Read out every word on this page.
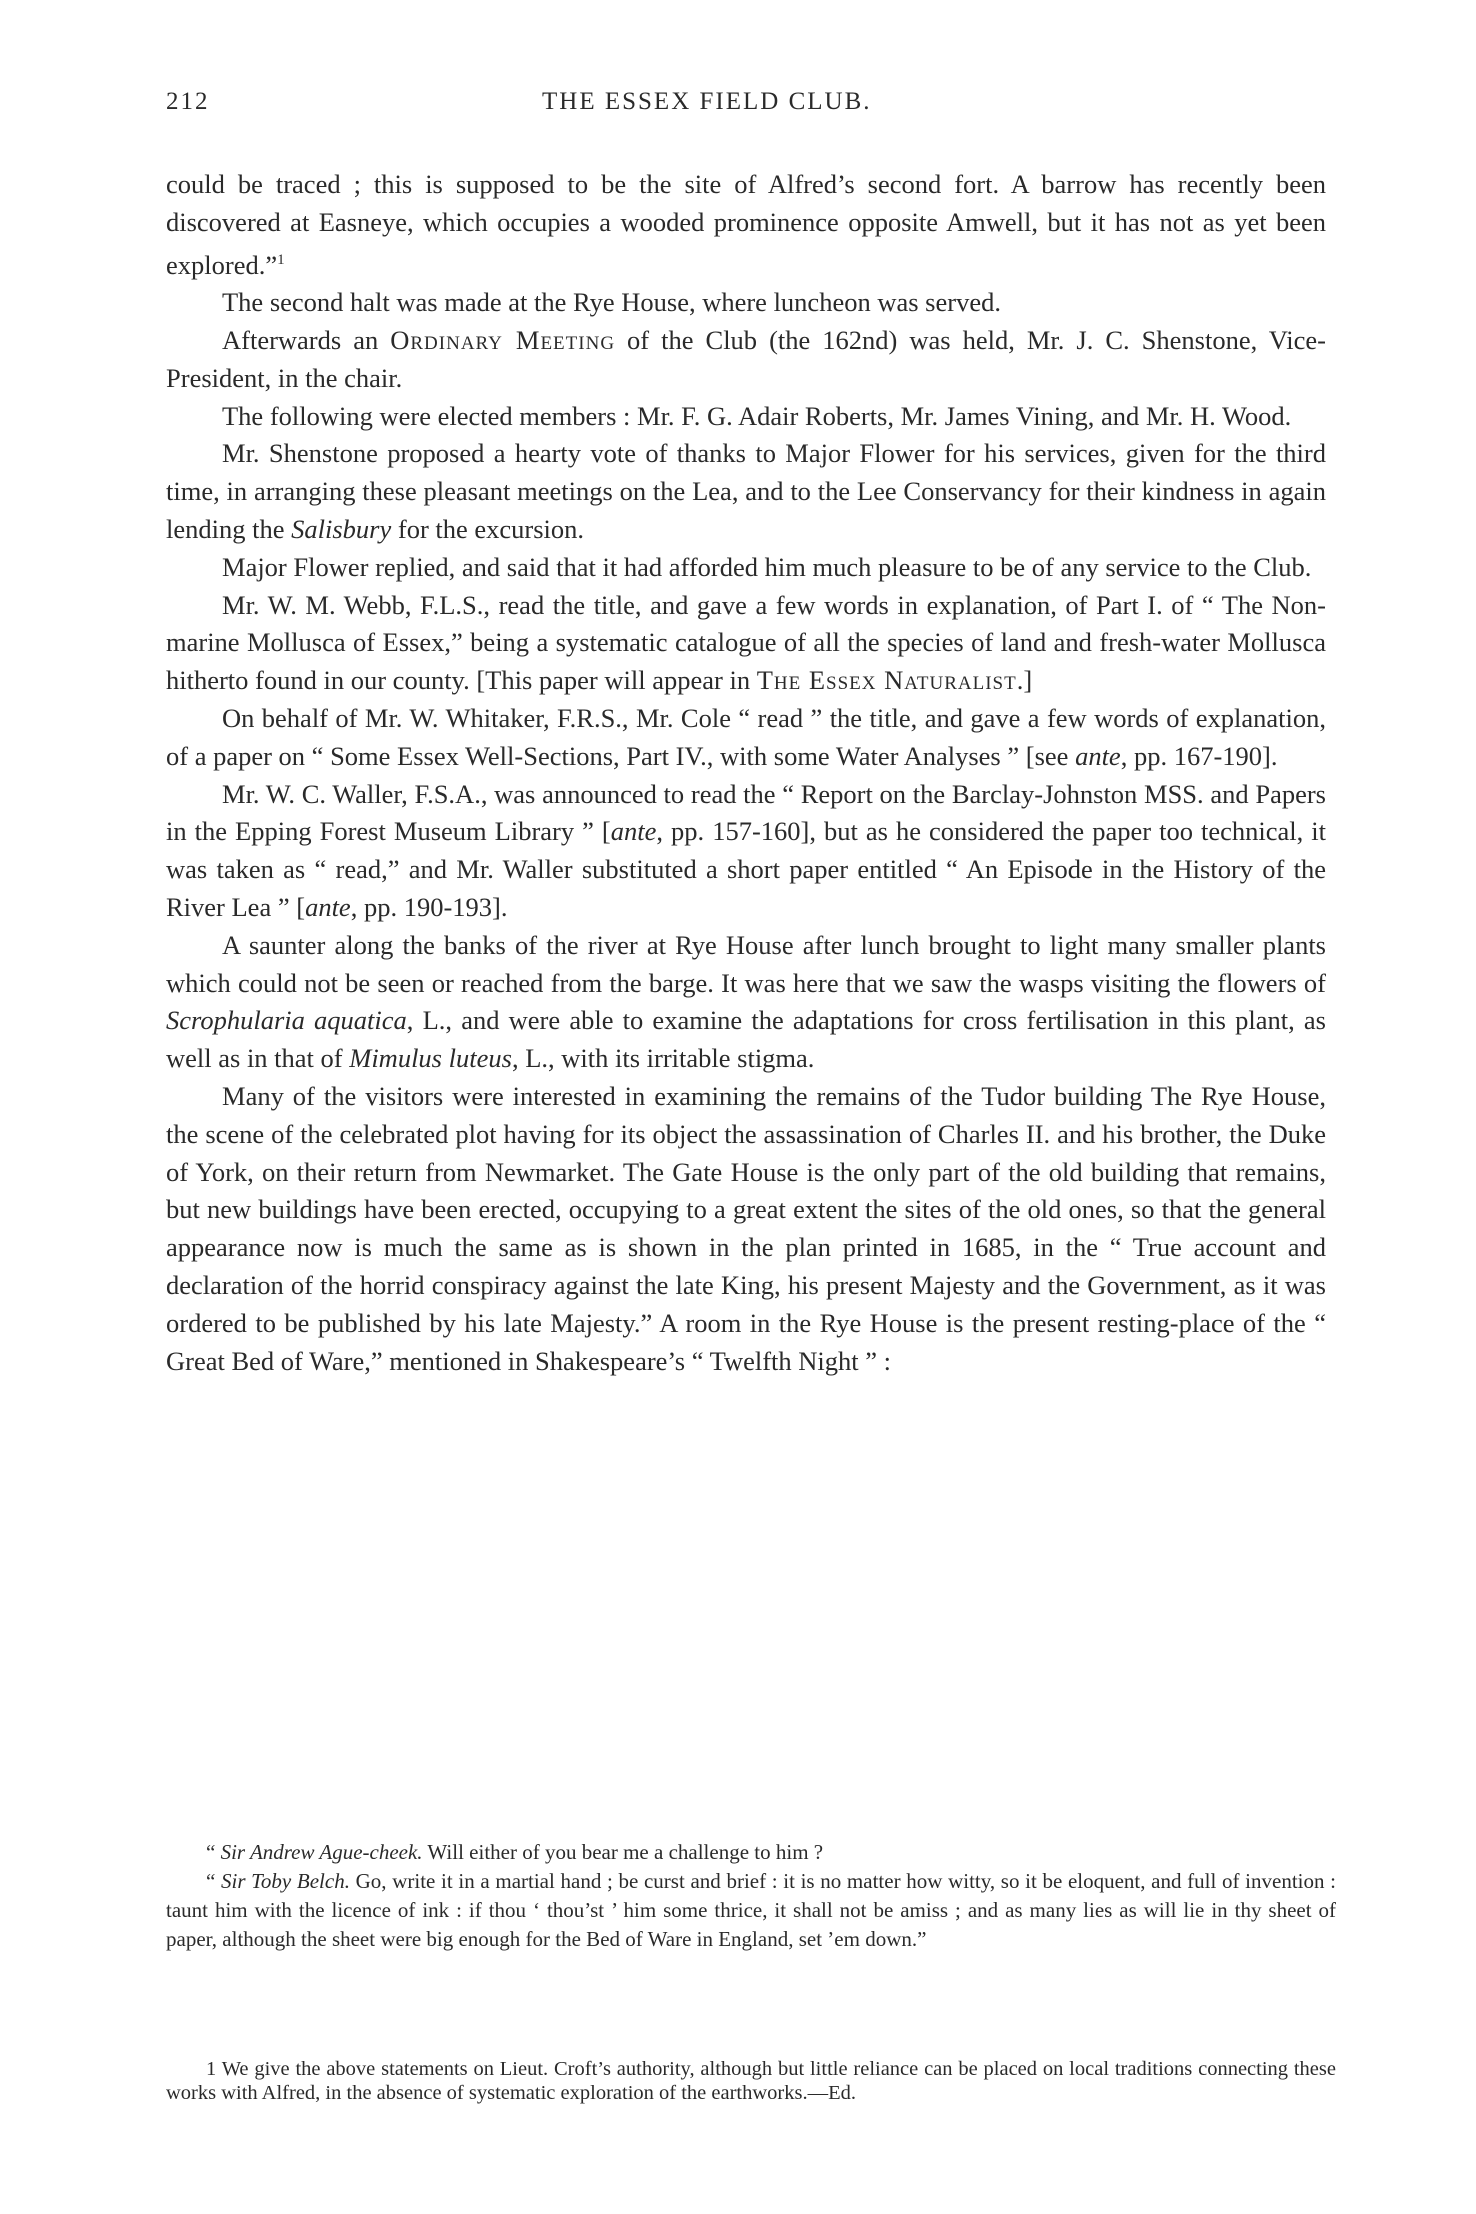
212	THE ESSEX FIELD CLUB.

could be traced ; this is supposed to be the site of Alfred’s second fort. A barrow has recently been discovered at Easneye, which occupies a wooded prominence opposite Amwell, but it has not as yet been explored.”$^1$

The second halt was made at the Rye House, where luncheon was served.

Afterwards an Ordinary Meeting of the Club (the 162nd) was held, Mr. J. C. Shenstone, Vice-President, in the chair.

The following were elected members : Mr. F. G. Adair Roberts, Mr. James Vining, and Mr. H. Wood.

Mr. Shenstone proposed a hearty vote of thanks to Major Flower for his services, given for the third time, in arranging these pleasant meetings on the Lea, and to the Lee Conservancy for their kindness in again lending the Salisbury for the excursion.

Major Flower replied, and said that it had afforded him much pleasure to be of any service to the Club.

Mr. W. M. Webb, F.L.S., read the title, and gave a few words in explanation, of Part I. of “ The Non-marine Mollusca of Essex,” being a systematic catalogue of all the species of land and fresh-water Mollusca hitherto found in our county. [This paper will appear in The Essex Naturalist.]

On behalf of Mr. W. Whitaker, F.R.S., Mr. Cole “ read ” the title, and gave a few words of explanation, of a paper on “ Some Essex Well-Sections, Part IV., with some Water Analyses ” [see ante, pp. 167-190].

Mr. W. C. Waller, F.S.A., was announced to read the “ Report on the Barclay-Johnston MSS. and Papers in the Epping Forest Museum Library ” [ante, pp. 157-160], but as he considered the paper too technical, it was taken as “ read,” and Mr. Waller substituted a short paper entitled “ An Episode in the History of the River Lea ” [ante, pp. 190-193].

A saunter along the banks of the river at Rye House after lunch brought to light many smaller plants which could not be seen or reached from the barge. It was here that we saw the wasps visiting the flowers of Scrophularia aquatica, L., and were able to examine the adaptations for cross fertilisation in this plant, as well as in that of Mimulus luteus, L., with its irritable stigma.

Many of the visitors were interested in examining the remains of the Tudor building The Rye House, the scene of the celebrated plot having for its object the assassination of Charles II. and his brother, the Duke of York, on their return from Newmarket. The Gate House is the only part of the old building that remains, but new buildings have been erected, occupying to a great extent the sites of the old ones, so that the general appearance now is much the same as is shown in the plan printed in 1685, in the “ True account and declaration of the horrid conspiracy against the late King, his present Majesty and the Government, as it was ordered to be published by his late Majesty.” A room in the Rye House is the present resting-place of the “ Great Bed of Ware,” mentioned in Shakespeare’s “ Twelfth Night ” :

“ Sir Andrew Ague-cheek. Will either of you bear me a challenge to him ?

“ Sir Toby Belch. Go, write it in a martial hand ; be curst and brief : it is no matter how witty, so it be eloquent, and full of invention : taunt him with the licence of ink : if thou ‘ thou’st ’ him some thrice, it shall not be amiss ; and as many lies as will lie in thy sheet of paper, although the sheet were big enough for the Bed of Ware in England, set ’em down.”

1 We give the above statements on Lieut. Croft’s authority, although but little reliance can be placed on local traditions connecting these works with Alfred, in the absence of systematic exploration of the earthworks.—Ed.
